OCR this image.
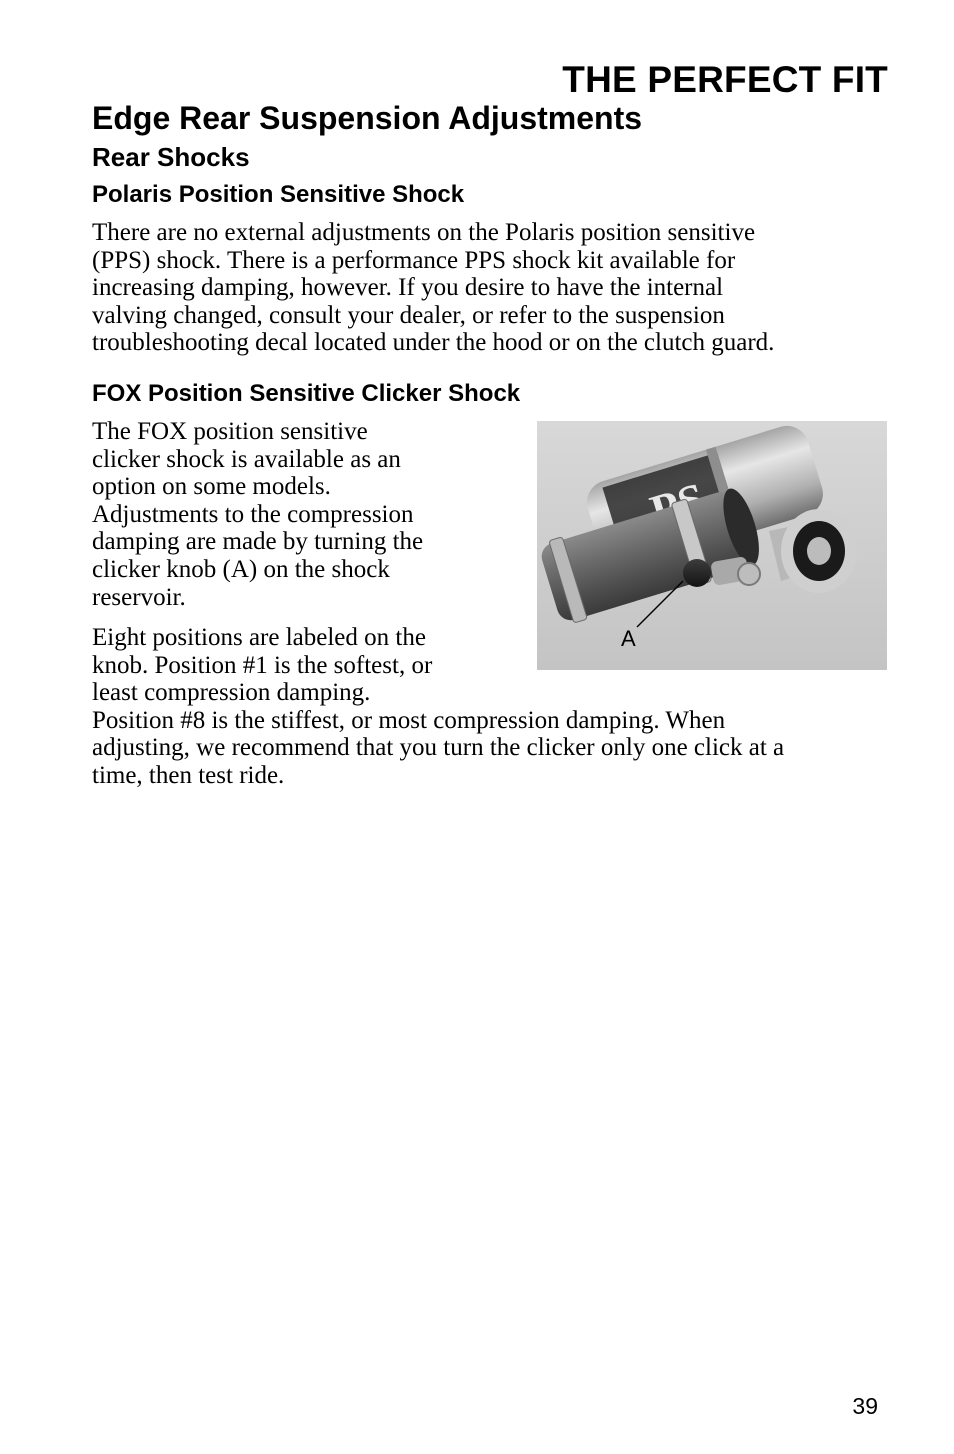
THE PERFECT FIT
Edge Rear Suspension Adjustments
Rear Shocks
Polaris Position Sensitive Shock

There are no external adjustments on the Polaris position sensitive
(PPS) shock. There is a performance PPS shock kit available for
increasing damping, however. If you desire to have the internal
valving changed, consult your dealer, or refer to the suspension
troubleshooting decal located under the hood or on the clutch guard.

FOX Position Sensitive Clicker Shock

The FOX position sensitive
clicker shock is available as an
option on some models.
Adjustments to the compression
damping are made by turning the
clicker knob (A) on the shock
reservoir.

Eight positions are labeled on the
knob. Position #1 is the softest, or
least compression damping.
Position #8 is the stiffest, or most compression damping. When
adjusting, we recommend that you turn the clicker only one click at a
time, then test ride.

A
39
